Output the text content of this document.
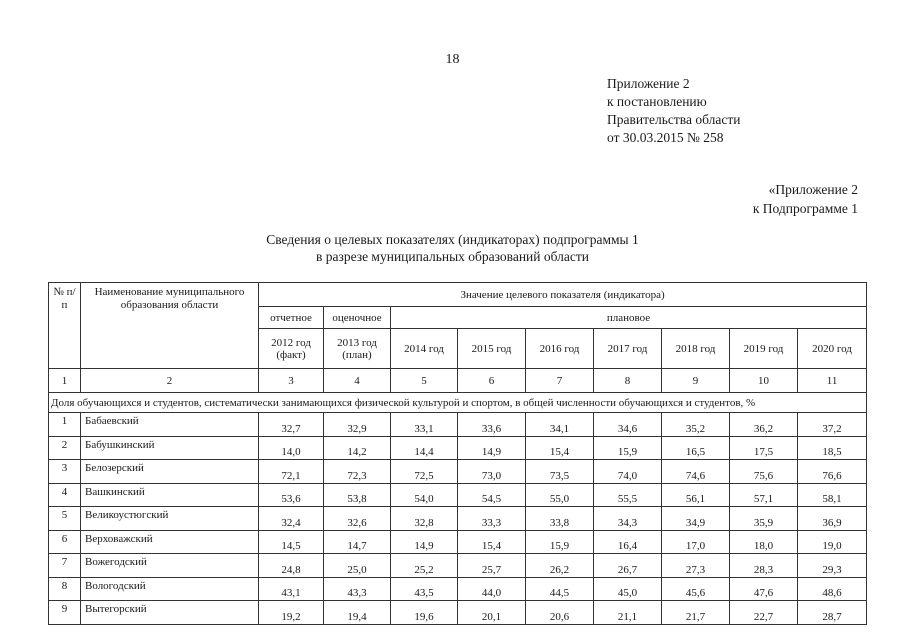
18
Приложение 2
к постановлению
Правительства области
от 30.03.2015 № 258
«Приложение 2
к Подпрограмме 1
Сведения о целевых показателях (индикаторах) подпрограммы 1
в разрезе муниципальных образований области
№ п/п	Наименование муниципального образования области	Значение целевого показателя (индикатора)								
		отчетное	оценочное	плановое						
		2012 год (факт)	2013 год (план)	2014 год	2015 год	2016 год	2017 год	2018 год	2019 год	2020 год
1	2	3	4	5	6	7	8	9	10	11
Доля обучающихся и студентов, систематически занимающихся физической культурой и спортом, в общей численности обучающихся и студентов, %										
1	Бабаевский	32,7	32,9	33,1	33,6	34,1	34,6	35,2	36,2	37,2
2	Бабушкинский	14,0	14,2	14,4	14,9	15,4	15,9	16,5	17,5	18,5
3	Белозерский	72,1	72,3	72,5	73,0	73,5	74,0	74,6	75,6	76,6
4	Вашкинский	53,6	53,8	54,0	54,5	55,0	55,5	56,1	57,1	58,1
5	Великоустюгский	32,4	32,6	32,8	33,3	33,8	34,3	34,9	35,9	36,9
6	Верховажский	14,5	14,7	14,9	15,4	15,9	16,4	17,0	18,0	19,0
7	Вожегодский	24,8	25,0	25,2	25,7	26,2	26,7	27,3	28,3	29,3
8	Вологодский	43,1	43,3	43,5	44,0	44,5	45,0	45,6	47,6	48,6
9	Вытегорский	19,2	19,4	19,6	20,1	20,6	21,1	21,7	22,7	28,7
